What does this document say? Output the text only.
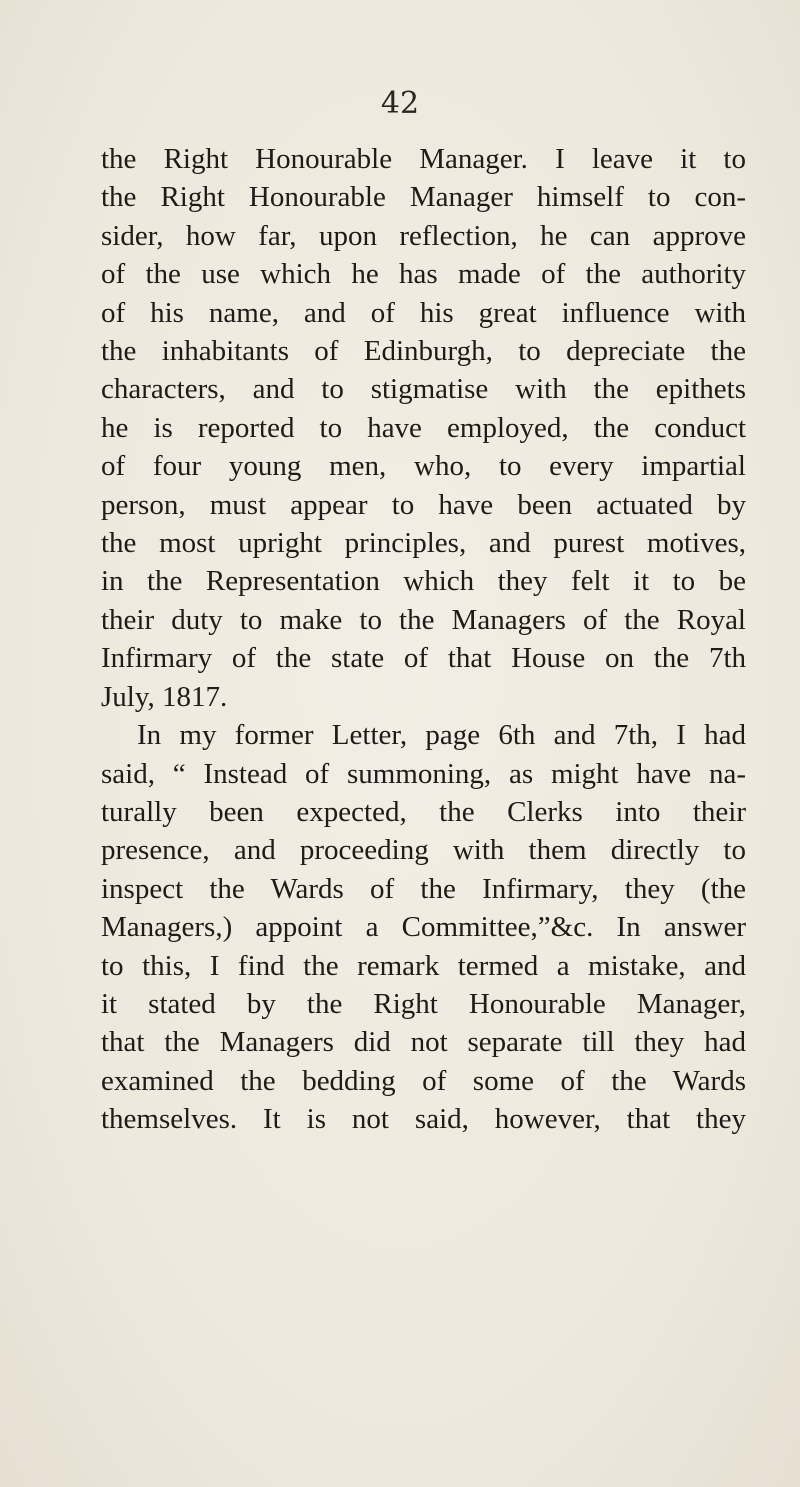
42
the Right Honourable Manager. I leave it to
the Right Honourable Manager himself to con-
sider, how far, upon reflection, he can approve
of the use which he has made of the authority
of his name, and of his great influence with
the inhabitants of Edinburgh, to depreciate the
characters, and to stigmatise with the epithets
he is reported to have employed, the conduct
of four young men, who, to every impartial
person, must appear to have been actuated by
the most upright principles, and purest motives,
in the Representation which they felt it to be
their duty to make to the Managers of the Royal
Infirmary of the state of that House on the 7th
July, 1817.
In my former Letter, page 6th and 7th, I had
said, “ Instead of summoning, as might have na-
turally been expected, the Clerks into their
presence, and proceeding with them directly to
inspect the Wards of the Infirmary, they (the
Managers,) appoint a Committee,”&c. In answer
to this, I find the remark termed a mistake, and
it stated by the Right Honourable Manager,
that the Managers did not separate till they had
examined the bedding of some of the Wards
themselves. It is not said, however, that they
